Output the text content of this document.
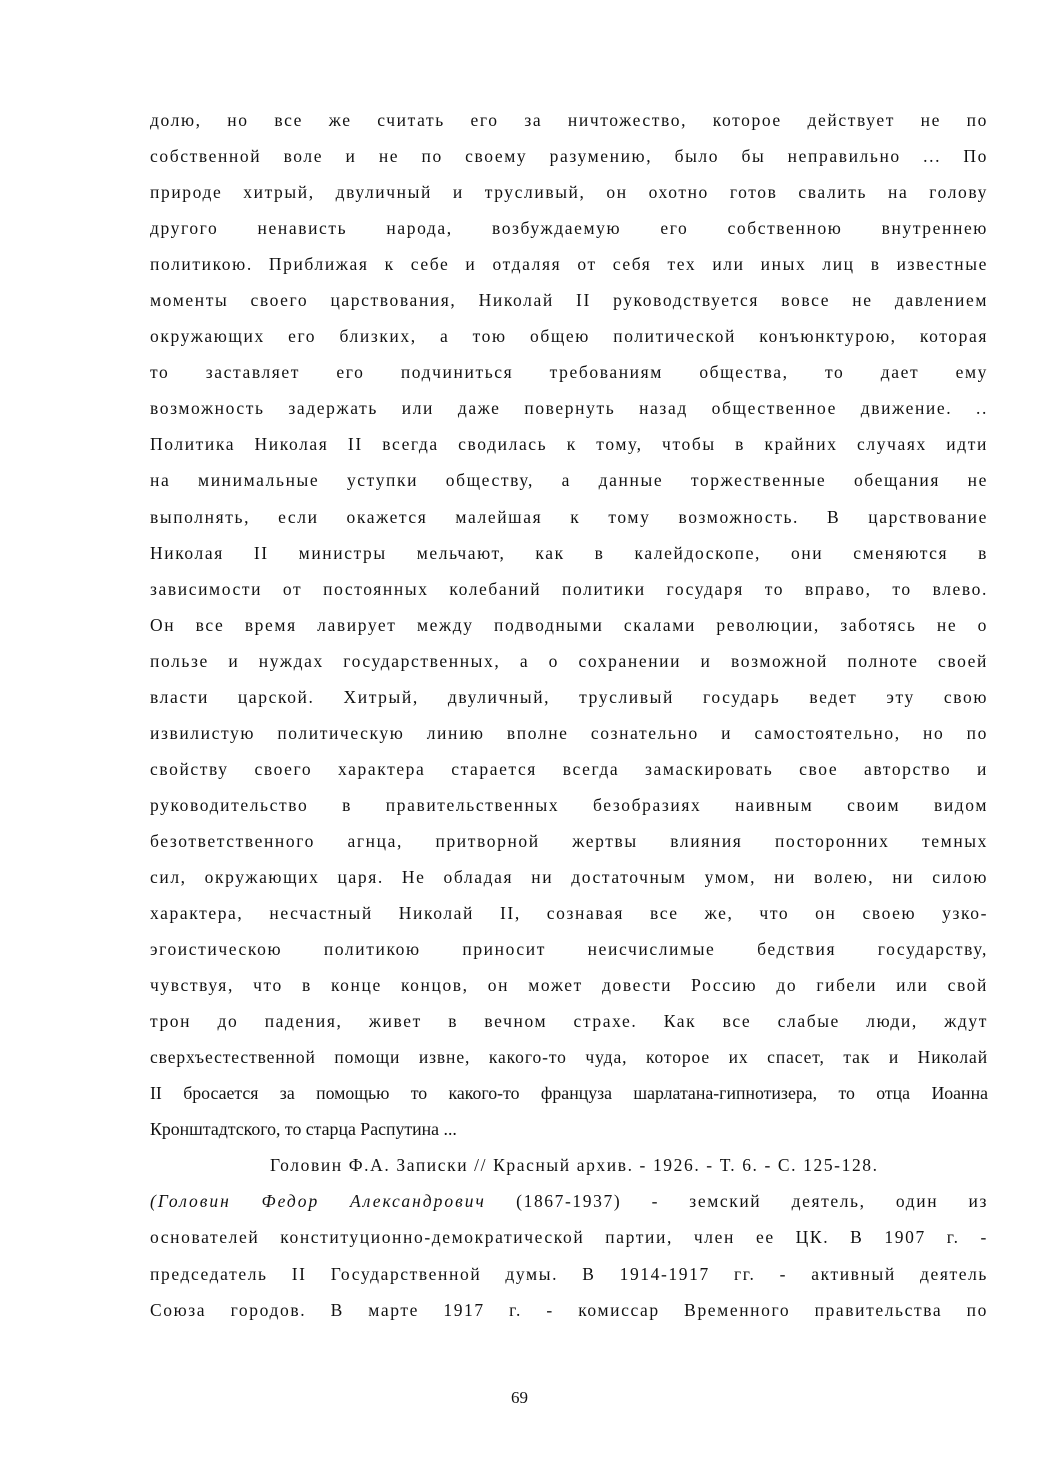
долю, но все же считать его за ничтожество, которое действует не по
собственной воле и не по своему разумению, было бы неправильно ... По
природе хитрый, двуличный и трусливый, он охотно готов свалить на голову
другого ненависть народа, возбуждаемую его собственною внутреннею
политикою. Приближая к себе и отдаляя от себя тех или иных лиц в известные
моменты своего царствования, Николай II руководствуется вовсе не давлением
окружающих его близких, а тою общею политической конъюнктурою, которая
то заставляет его подчиниться требованиям общества, то дает ему
возможность задержать или даже повернуть назад общественное движение. ..
Политика Николая II всегда сводилась к тому, чтобы в крайних случаях идти
на минимальные уступки обществу, а данные торжественные обещания не
выполнять, если окажется малейшая к тому возможность. В царствование
Николая II министры мельчают, как в калейдоскопе, они сменяются в
зависимости от постоянных колебаний политики государя то вправо, то влево.
Он все время лавирует между подводными скалами революции, заботясь не о
пользе и нуждах государственных, а о сохранении и возможной полноте своей
власти царской. Хитрый, двуличный, трусливый государь ведет эту свою
извилистую политическую линию вполне сознательно и самостоятельно, но по
свойству своего характера старается всегда замаскировать свое авторство и
руководительство в правительственных безобразиях наивным своим видом
безответственного агнца, притворной жертвы влияния посторонних темных
сил, окружающих царя. Не обладая ни достаточным умом, ни волею, ни силою
характера, несчастный Николай II, сознавая все же, что он своею узко-
эгоистическою политикою приносит неисчислимые бедствия государству,
чувствуя, что в конце концов, он может довести Россию до гибели или свой
трон до падения, живет в вечном страхе. Как все слабые люди, ждут
сверхъестественной помощи извне, какого-то чуда, которое их спасет, так и Николай
II бросается за помощью то какого-то француза шарлатана-гипнотизера, то отца Иоанна
Кронштадтского, то старца Распутина ...
Головин Ф.А. Записки // Красный архив. - 1926. - Т. 6. - С. 125-128.
(Головин Федор Александрович (1867-1937) - земский деятель, один из
основателей конституционно-демократической партии, член ее ЦК. В 1907 г. -
председатель II Государственной думы. В 1914-1917 гг. - активный деятель
Союза городов. В марте 1917 г. - комиссар Временного правительства по
69
